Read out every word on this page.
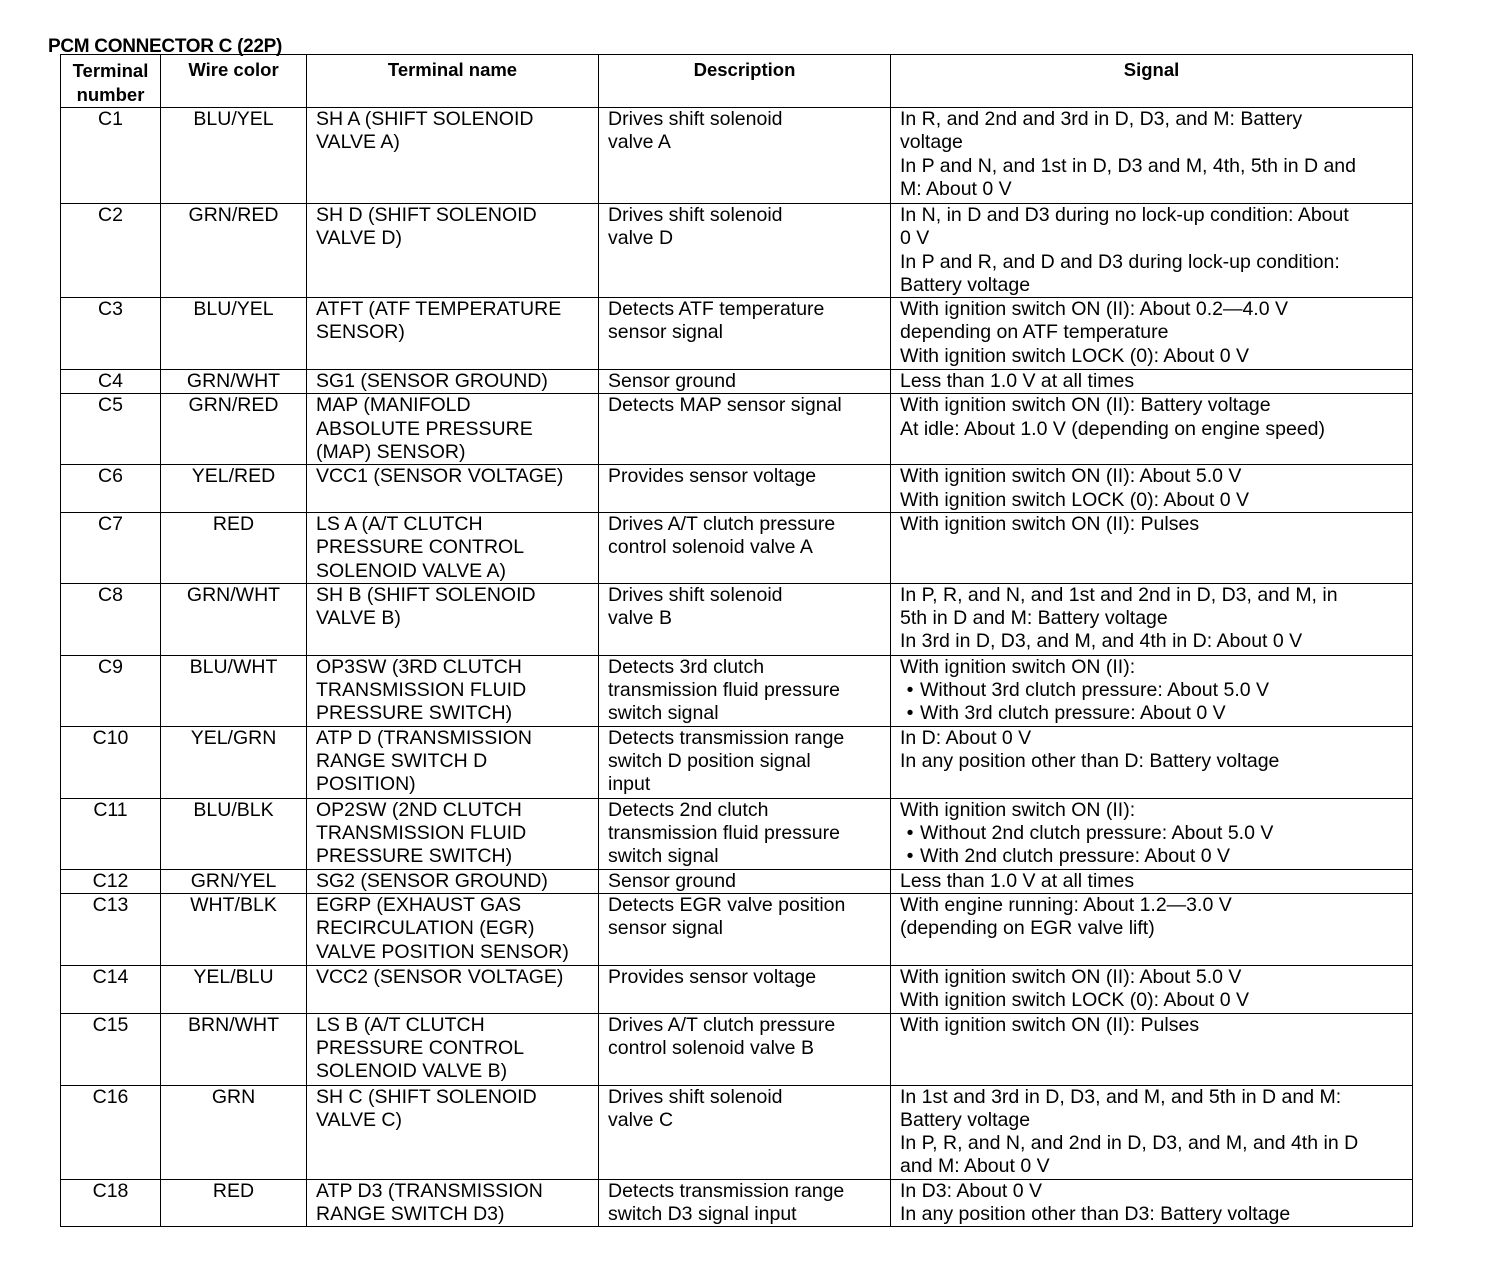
PCM CONNECTOR C (22P)
Terminal number	Wire color	Terminal name	Description	Signal

C1	BLU/YEL	SH A (SHIFT SOLENOID
VALVE A)	Drives shift solenoid
valve A	In R, and 2nd and 3rd in D, D3, and M: Battery
voltage
In P and N, and 1st in D, D3 and M, 4th, 5th in D and
M: About 0 V

C2	GRN/RED	SH D (SHIFT SOLENOID
VALVE D)	Drives shift solenoid
valve D	In N, in D and D3 during no lock-up condition: About
0 V
In P and R, and D and D3 during lock-up condition:
Battery voltage

C3	BLU/YEL	ATFT (ATF TEMPERATURE
SENSOR)	Detects ATF temperature
sensor signal	With ignition switch ON (II): About 0.2—4.0 V
depending on ATF temperature
With ignition switch LOCK (0): About 0 V

C4	GRN/WHT	SG1 (SENSOR GROUND)	Sensor ground	Less than 1.0 V at all times

C5	GRN/RED	MAP (MANIFOLD
ABSOLUTE PRESSURE
(MAP) SENSOR)	Detects MAP sensor signal	With ignition switch ON (II): Battery voltage
At idle: About 1.0 V (depending on engine speed)

C6	YEL/RED	VCC1 (SENSOR VOLTAGE)	Provides sensor voltage	With ignition switch ON (II): About 5.0 V
With ignition switch LOCK (0): About 0 V

C7	RED	LS A (A/T CLUTCH
PRESSURE CONTROL
SOLENOID VALVE A)	Drives A/T clutch pressure
control solenoid valve A	With ignition switch ON (II): Pulses

C8	GRN/WHT	SH B (SHIFT SOLENOID
VALVE B)	Drives shift solenoid
valve B	In P, R, and N, and 1st and 2nd in D, D3, and M, in
5th in D and M: Battery voltage
In 3rd in D, D3, and M, and 4th in D: About 0 V

C9	BLU/WHT	OP3SW (3RD CLUTCH
TRANSMISSION FLUID
PRESSURE SWITCH)	Detects 3rd clutch
transmission fluid pressure
switch signal	With ignition switch ON (II):
• Without 3rd clutch pressure: About 5.0 V
• With 3rd clutch pressure: About 0 V

C10	YEL/GRN	ATP D (TRANSMISSION
RANGE SWITCH D
POSITION)	Detects transmission range
switch D position signal
input	In D: About 0 V
In any position other than D: Battery voltage

C11	BLU/BLK	OP2SW (2ND CLUTCH
TRANSMISSION FLUID
PRESSURE SWITCH)	Detects 2nd clutch
transmission fluid pressure
switch signal	With ignition switch ON (II):
• Without 2nd clutch pressure: About 5.0 V
• With 2nd clutch pressure: About 0 V

C12	GRN/YEL	SG2 (SENSOR GROUND)	Sensor ground	Less than 1.0 V at all times

C13	WHT/BLK	EGRP (EXHAUST GAS
RECIRCULATION (EGR)
VALVE POSITION SENSOR)	Detects EGR valve position
sensor signal	With engine running: About 1.2—3.0 V
(depending on EGR valve lift)

C14	YEL/BLU	VCC2 (SENSOR VOLTAGE)	Provides sensor voltage	With ignition switch ON (II): About 5.0 V
With ignition switch LOCK (0): About 0 V

C15	BRN/WHT	LS B (A/T CLUTCH
PRESSURE CONTROL
SOLENOID VALVE B)	Drives A/T clutch pressure
control solenoid valve B	With ignition switch ON (II): Pulses

C16	GRN	SH C (SHIFT SOLENOID
VALVE C)	Drives shift solenoid
valve C	In 1st and 3rd in D, D3, and M, and 5th in D and M:
Battery voltage
In P, R, and N, and 2nd in D, D3, and M, and 4th in D
and M: About 0 V

C18	RED	ATP D3 (TRANSMISSION
RANGE SWITCH D3)	Detects transmission range
switch D3 signal input	In D3: About 0 V
In any position other than D3: Battery voltage
